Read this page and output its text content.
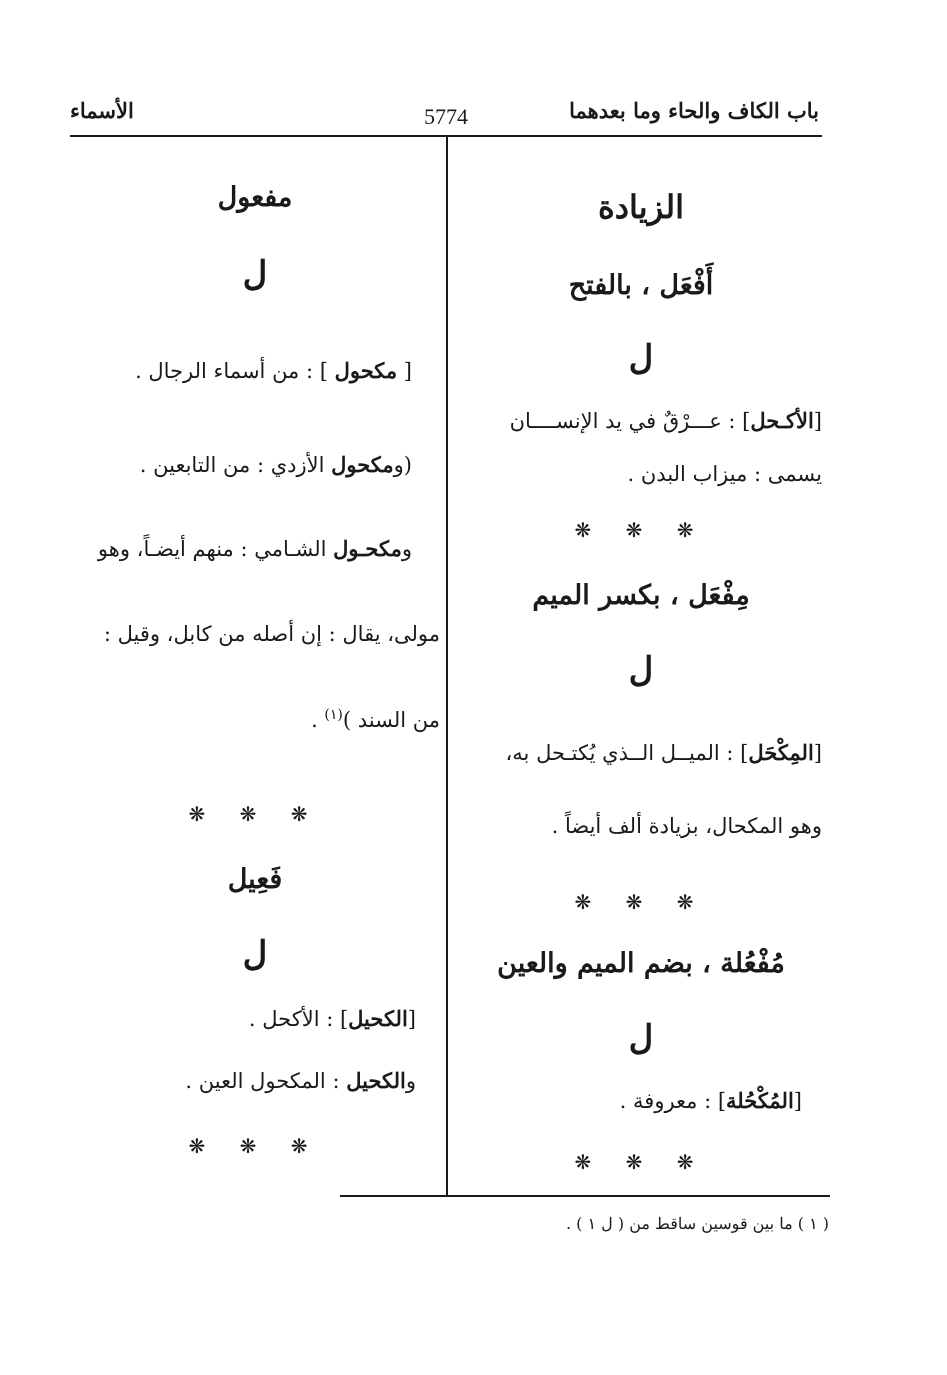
باب الكاف والحاء وما بعدهما
5774
الأسماء
الزيادة
أَفْعَل ، بالفتح
ل
[الأكـحل] : عـــرْقٌ في يد الإنســــان
يسمى : ميزاب البدن .
❋ ❋ ❋
مِفْعَل ، بكسر الميم
ل
[المِكْحَل] : الميــل الــذي يُكتـحل به،
وهو المكحال، بزيادة ألف أيضاً .
❋ ❋ ❋
مُفْعُلة ، بضم الميم والعين
ل
[المُكْحُلة] : معروفة .
❋ ❋ ❋
مفعول
ل
[ مكحول ] : من أسماء الرجال .
(ومكحول الأزدي : من التابعين .
ومكحـول الشـامي : منهم أيضـاً، وهو
مولى، يقال : إن أصله من كابل، وقيل :
من السند )$^{(١)}$ .
❋ ❋ ❋
فَعِيل
ل
[الكحيل] : الأكحل .
والكحيل : المكحول العين .
❋ ❋ ❋
( ١ ) ما بين قوسين ساقط من ( ل ١ ) .
